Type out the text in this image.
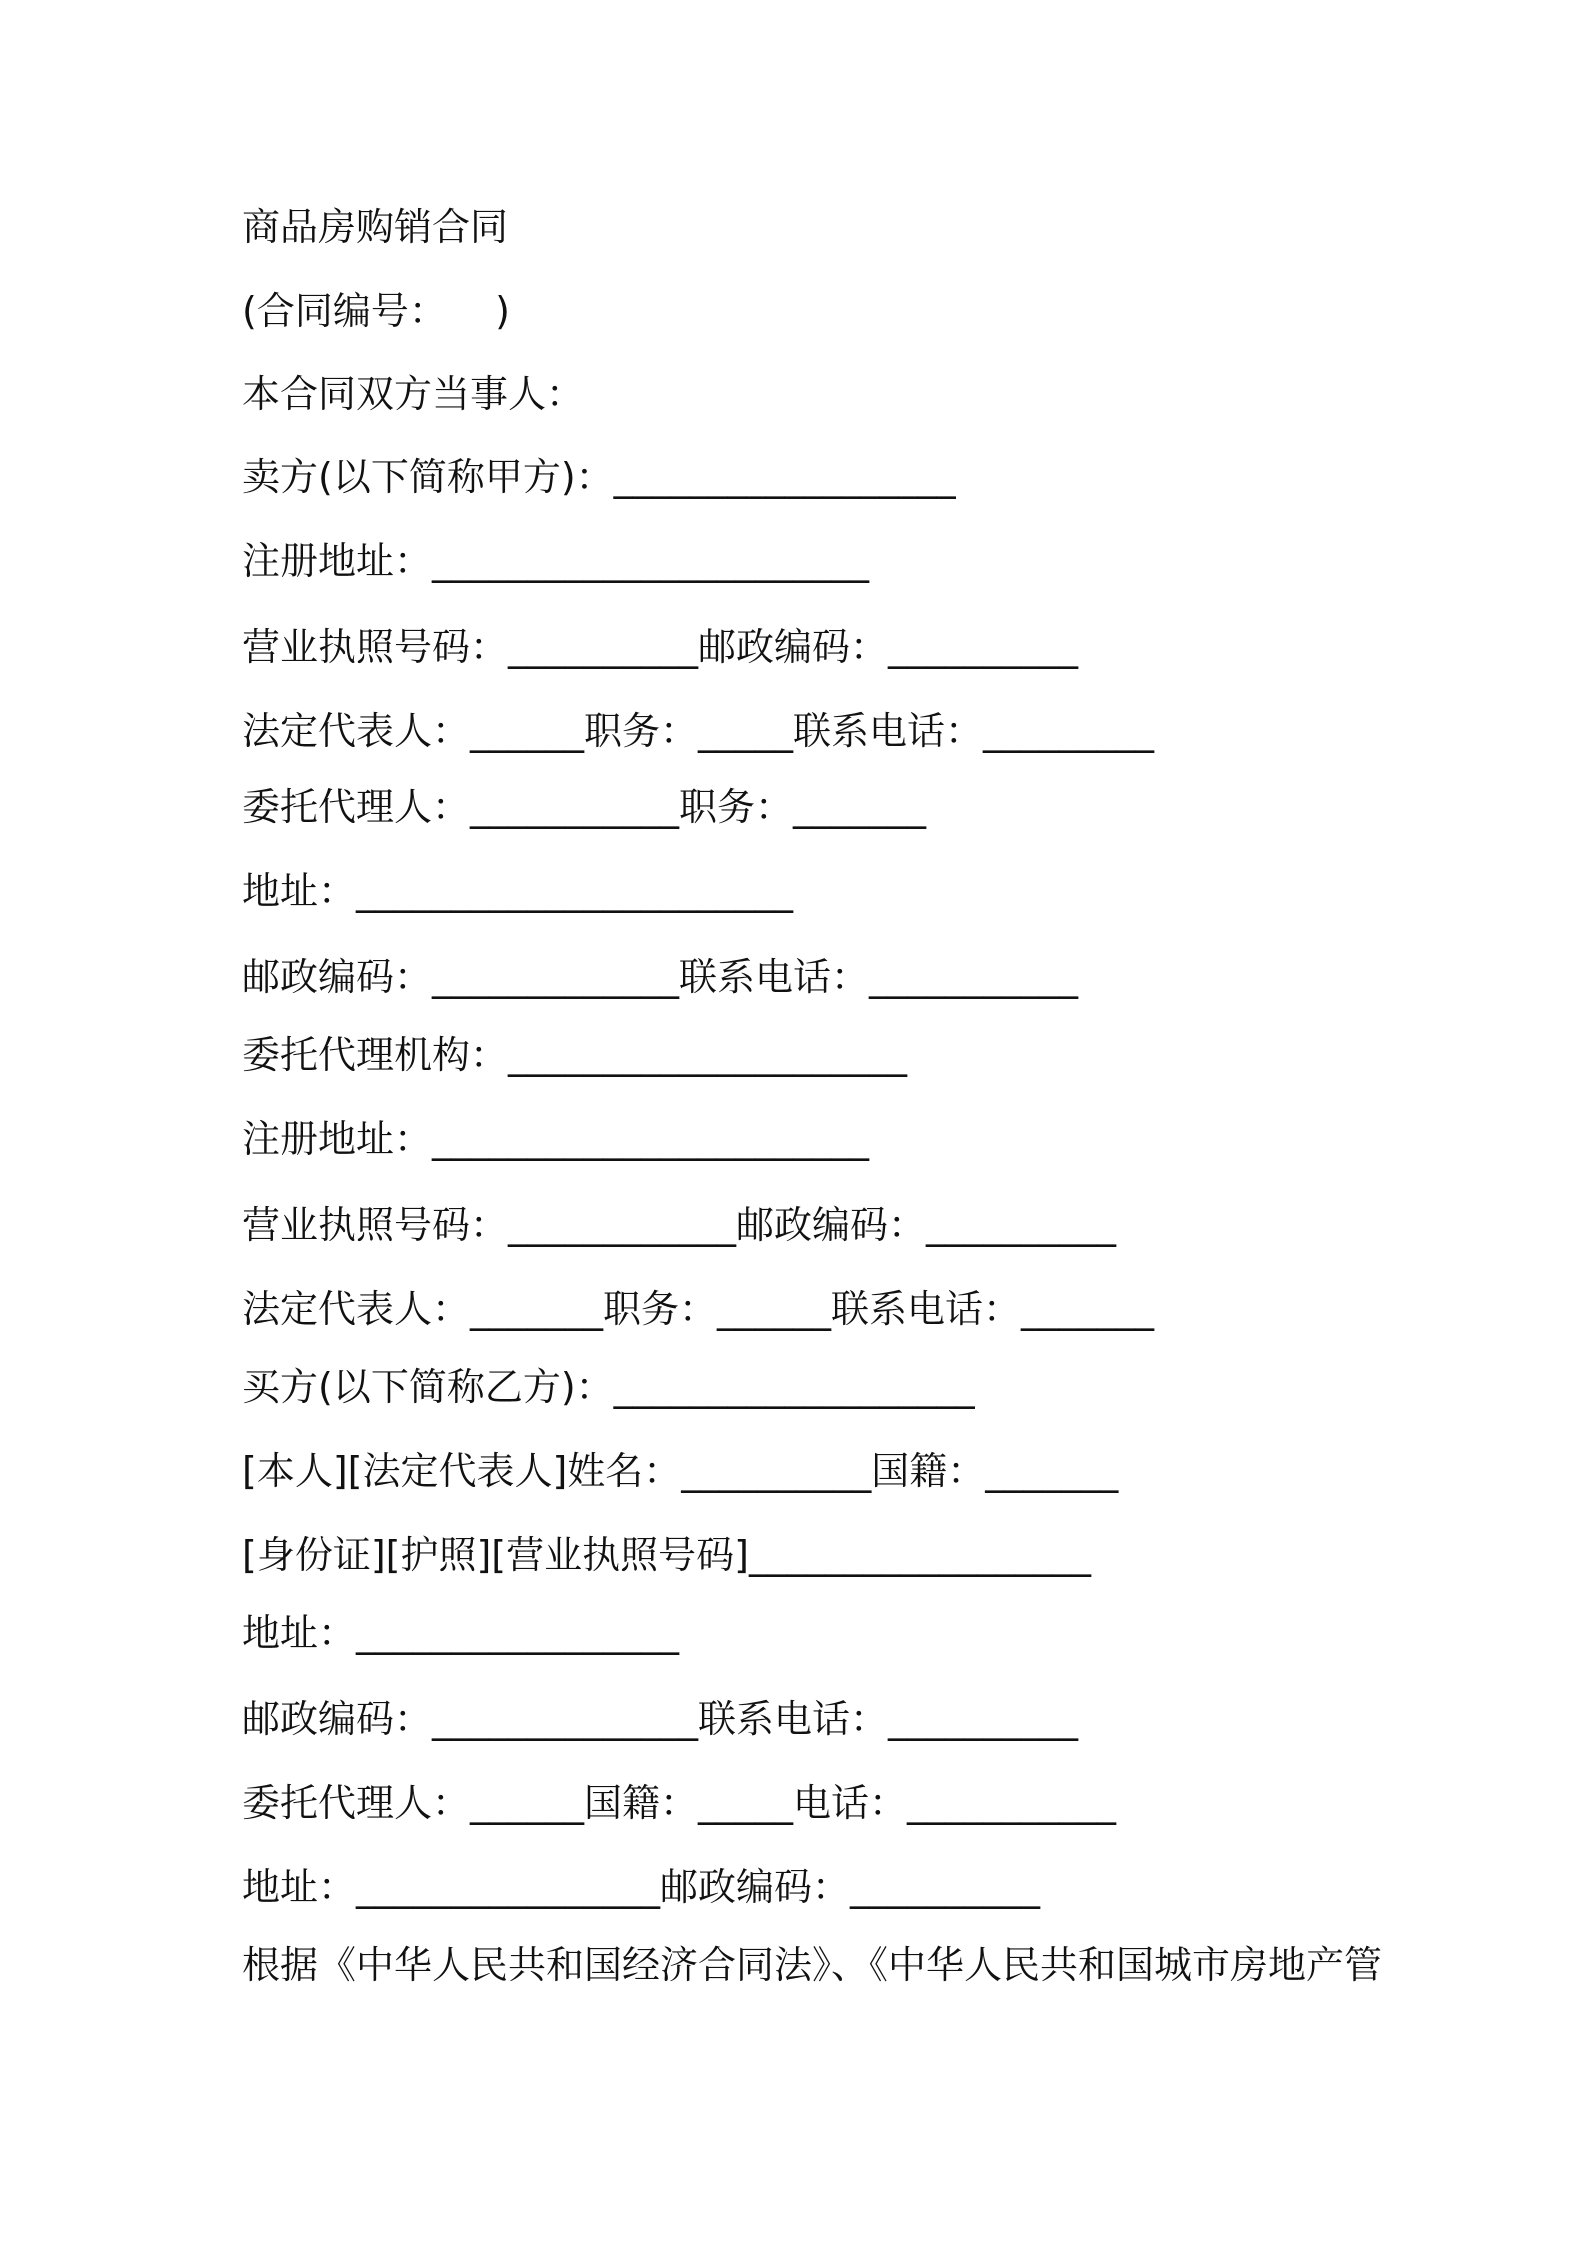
商品房购销合同
(合同编号：    )
本合同双方当事人：
卖方(以下简称甲方)：__________________
注册地址：_______________________
营业执照号码：__________邮政编码：__________
法定代表人：______职务：_____联系电话：_________
委托代理人：___________职务：_______
地址：_______________________
邮政编码：_____________联系电话：___________
委托代理机构：_____________________
注册地址：_______________________
营业执照号码：____________邮政编码：__________
法定代表人：_______职务：______联系电话：_______
买方(以下简称乙方)：___________________
[本人][法定代表人]姓名：__________国籍：_______
[身份证][护照][营业执照号码]__________________
地址：_________________
邮政编码：______________联系电话：__________
委托代理人：______国籍：_____电话：___________
地址：________________邮政编码：__________
根据《中华人民共和国经济合同法》、《中华人民共和国城市房地产管
